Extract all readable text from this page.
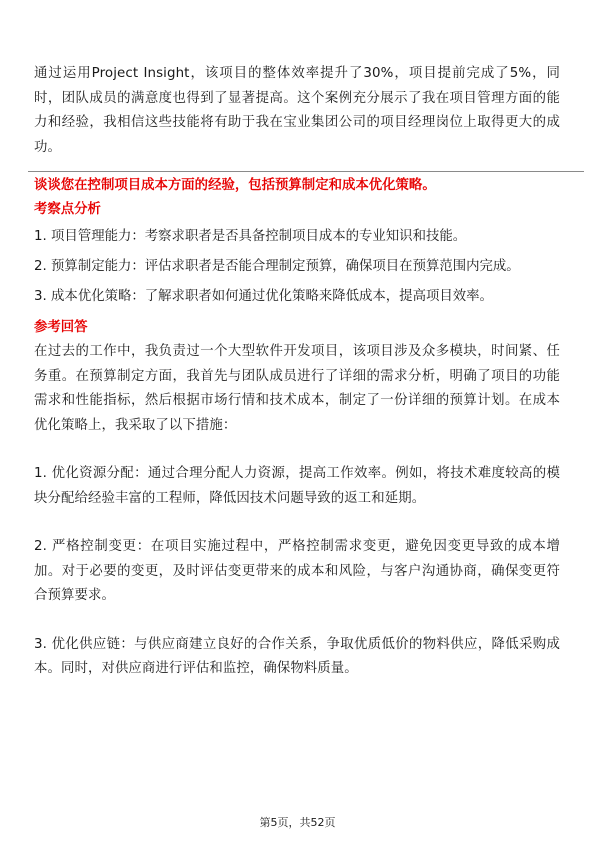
通过运用Project Insight，该项目的整体效率提升了30%，项目提前完成了5%，同时，团队成员的满意度也得到了显著提高。这个案例充分展示了我在项目管理方面的能力和经验，我相信这些技能将有助于我在宝业集团公司的项目经理岗位上取得更大的成功。

谈谈您在控制项目成本方面的经验，包括预算制定和成本优化策略。
考察点分析
1. 项目管理能力：考察求职者是否具备控制项目成本的专业知识和技能。
2. 预算制定能力：评估求职者是否能合理制定预算，确保项目在预算范围内完成。
3. 成本优化策略：了解求职者如何通过优化策略来降低成本，提高项目效率。
参考回答

在过去的工作中，我负责过一个大型软件开发项目，该项目涉及众多模块，时间紧、任务重。在预算制定方面，我首先与团队成员进行了详细的需求分析，明确了项目的功能需求和性能指标，然后根据市场行情和技术成本，制定了一份详细的预算计划。在成本优化策略上，我采取了以下措施：

1. 优化资源分配：通过合理分配人力资源，提高工作效率。例如，将技术难度较高的模块分配给经验丰富的工程师，降低因技术问题导致的返工和延期。

2. 严格控制变更：在项目实施过程中，严格控制需求变更，避免因变更导致的成本增加。对于必要的变更，及时评估变更带来的成本和风险，与客户沟通协商，确保变更符合预算要求。

3. 优化供应链：与供应商建立良好的合作关系，争取优质低价的物料供应，降低采购成本。同时，对供应商进行评估和监控，确保物料质量。

第5页，共52页
